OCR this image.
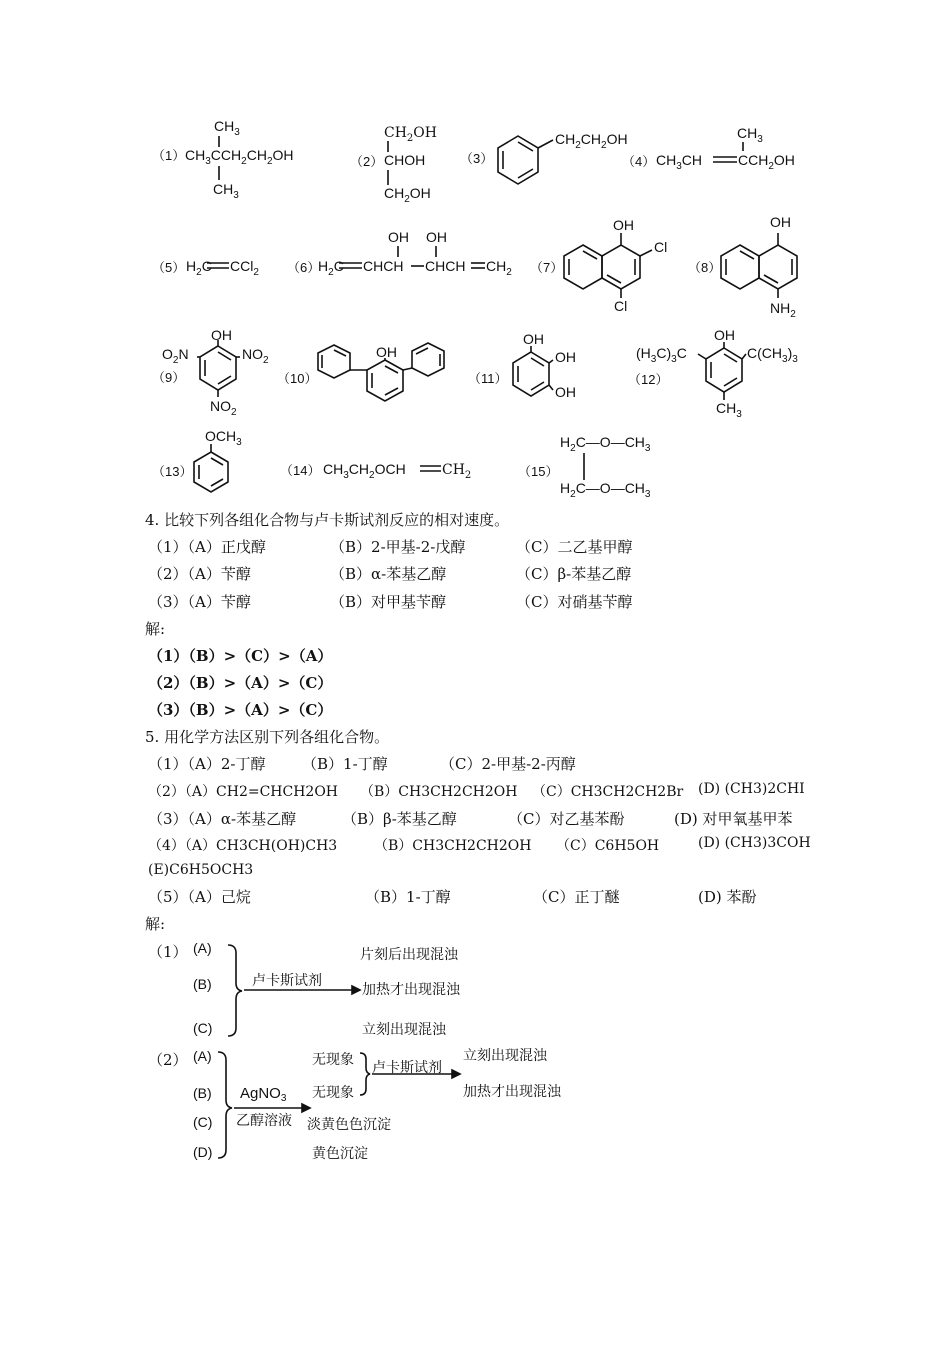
（1）
$CH_3$
$CH_3CCH_2CH_2OH$
$CH_3$
（2）
$CH_2OH$
CHOH
$CH_2OH$
（3）
$CH_2CH_2OH$
（4） $CH_3CH$	$CCH_2OH$
$CH_3$
（5） $H_2C$ CCl$_2$ （6）
$H_2C$ CHCH CHCH $CH_2$
OH OH
（7）
OH
Cl
Cl
（8）
OH
$NH_2$
（9）
OH
$O_2N$	$NO_2$
$NO_2$
（10）
OH
（11）
OH
OH
OH
（12）
$(H_3C)_3C$
OH
$C(CH_3)_3$
$CH_3$
（13）
$OCH_3$
（14） $CH_3CH_2OCH$	$CH_2$	（15）
$H_2C—O—CH_3$
$H_2C—O—CH_3$
4. 比较下列各组化合物与卢卡斯试剂反应的相对速度。
（1）（A）正戊醇	（B）2-甲基-2-戊醇	（C）二乙基甲醇
（2）（A）苄醇	（B）α-苯基乙醇	（C）β-苯基乙醇
（3）（A）苄醇	（B）对甲基苄醇	（C）对硝基苄醇
解:
（1）（B）>（C）>（A）
（2）（B）>（A）>（C）
（3）（B）>（A）>（C）
5. 用化学方法区别下列各组化合物。
（1）（A）2-丁醇 （B）1-丁醇	（C）2-甲基-2-丙醇
（2）（A）CH2=CHCH2OH （B）CH3CH2CH2OH （C）CH3CH2CH2Br (D) (CH3)2CHI
（3）（A）α-苯基乙醇	（B）β-苯基乙醇	（C）对乙基苯酚	(D) 对甲氧基甲苯
（4）（A）CH3CH(OH)CH3	（B）CH3CH2CH2OH （C）C6H5OH	(D) (CH3)3COH
(E)C6H5OCH3
（5）（A）己烷	（B）1-丁醇	（C）正丁醚	(D) 苯酚
解:
（1） (A)
(B)
(C)
卢卡斯试剂
片刻后出现混浊
加热才出现混浊
立刻出现混浊
（2） (A)
(B)
(C)
(D)
AgNO$_3$
乙醇溶液
无现象
无现象
淡黄色色沉淀
黄色沉淀
卢卡斯试剂
立刻出现混浊
加热才出现混浊
